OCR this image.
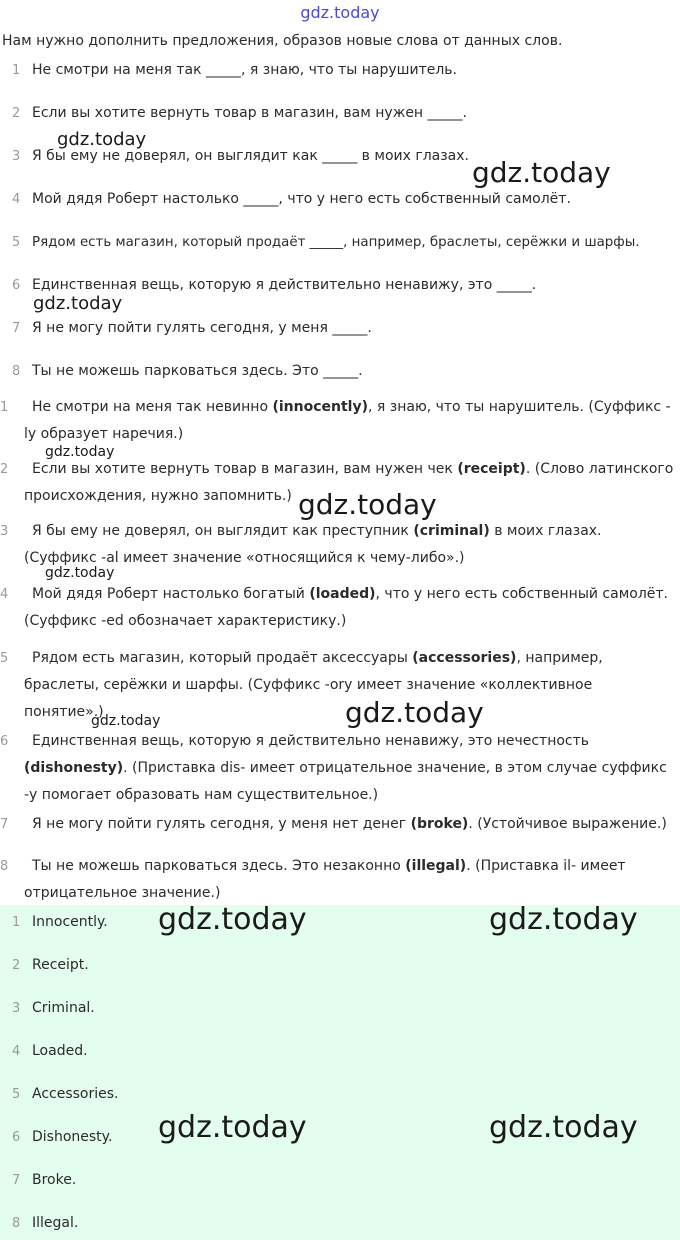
gdz.today
Нам нужно дополнить предложения, образов новые слова от данных слов.
1 Не смотри на меня так _____, я знаю, что ты нарушитель.
2 Если вы хотите вернуть товар в магазин, вам нужен _____.
3 Я бы ему не доверял, он выглядит как _____ в моих глазах.
4 Мой дядя Роберт настолько _____, что у него есть собственный самолёт.
5 Рядом есть магазин, который продаёт _____, например, браслеты, серёжки и шарфы.
6 Единственная вещь, которую я действительно ненавижу, это _____.
7 Я не могу пойти гулять сегодня, у меня _____.
8 Ты не можешь парковаться здесь. Это _____.
1 Не смотри на меня так невинно (innocently), я знаю, что ты нарушитель. (Суффикс -ly образует наречия.)
2 Если вы хотите вернуть товар в магазин, вам нужен чек (receipt). (Слово латинского происхождения, нужно запомнить.)
3 Я бы ему не доверял, он выглядит как преступник (criminal) в моих глазах. (Суффикс -al имеет значение «относящийся к чему-либо».)
4 Мой дядя Роберт настолько богатый (loaded), что у него есть собственный самолёт. (Суффикс -ed обозначает характеристику.)
5 Рядом есть магазин, который продаёт аксессуары (accessories), например, браслеты, серёжки и шарфы. (Суффикс -ory имеет значение «коллективное понятие».)
6 Единственная вещь, которую я действительно ненавижу, это нечестность (dishonesty). (Приставка dis- имеет отрицательное значение, в этом случае суффикс -y помогает образовать нам существительное.)
7 Я не могу пойти гулять сегодня, у меня нет денег (broke). (Устойчивое выражение.)
8 Ты не можешь парковаться здесь. Это незаконно (illegal). (Приставка il- имеет отрицательное значение.)
1 Innocently.
2 Receipt.
3 Criminal.
4 Loaded.
5 Accessories.
6 Dishonesty.
7 Broke.
8 Illegal.
gdz.today
gdz.today
gdz.today
gdz.today
gdz.today
gdz.today
gdz.today
gdz.today
gdz.today	gdz.today
gdz.today	gdz.today
